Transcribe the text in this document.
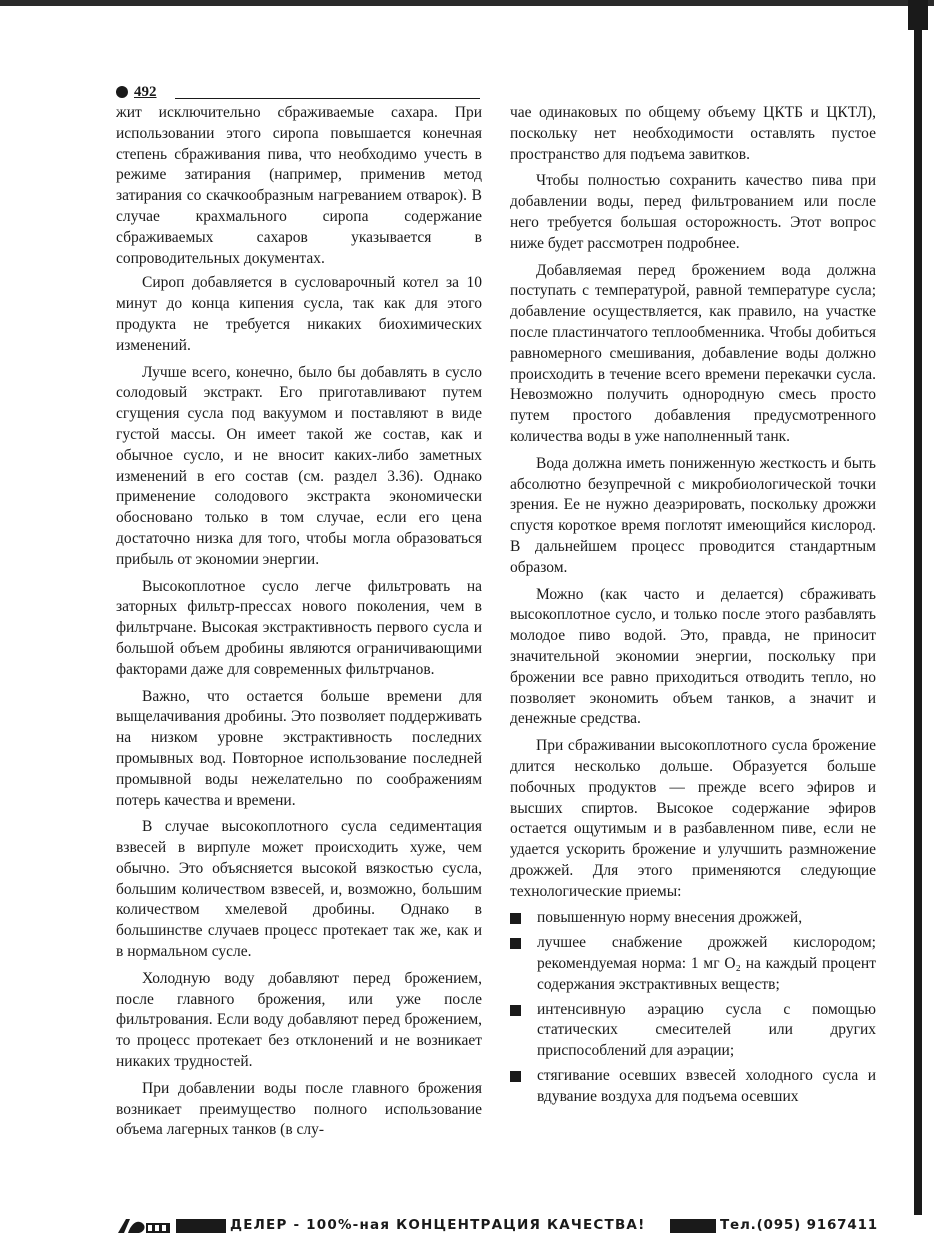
492

жит исключительно сбраживаемые сахара. При использовании этого сиропа повышается конечная степень сбраживания пива, что необходимо учесть в режиме затирания (например, применив метод затирания со скачкообразным нагреванием отварок). В случае крахмального сиропа содержание сбраживаемых сахаров указывается в сопроводительных документах.

Сироп добавляется в сусловарочный котел за 10 минут до конца кипения сусла, так как для этого продукта не требуется никаких биохимических изменений.

Лучше всего, конечно, было бы добавлять в сусло солодовый экстракт. Его приготавливают путем сгущения сусла под вакуумом и поставляют в виде густой массы. Он имеет такой же состав, как и обычное сусло, и не вносит каких-либо заметных изменений в его состав (см. раздел 3.36). Однако применение солодового экстракта экономически обосновано только в том случае, если его цена достаточно низка для того, чтобы могла образоваться прибыль от экономии энергии.

Высокоплотное сусло легче фильтровать на заторных фильтр-прессах нового поколения, чем в фильтрчане. Высокая экстрактивность первого сусла и большой объем дробины являются ограничивающими факторами даже для современных фильтрчанов.

Важно, что остается больше времени для выщелачивания дробины. Это позволяет поддерживать на низком уровне экстрактивность последних промывных вод. Повторное использование последней промывной воды нежелательно по соображениям потерь качества и времени.

В случае высокоплотного сусла седиментация взвесей в вирпуле может происходить хуже, чем обычно. Это объясняется высокой вязкостью сусла, большим количеством взвесей, и, возможно, большим количеством хмелевой дробины. Однако в большинстве случаев процесс протекает так же, как и в нормальном сусле.

Холодную воду добавляют перед брожением, после главного брожения, или уже после фильтрования. Если воду добавляют перед брожением, то процесс протекает без отклонений и не возникает никаких трудностей.

При добавлении воды после главного брожения возникает преимущество полного использование объема лагерных танков (в слу-

чае одинаковых по общему объему ЦКТБ и ЦКТЛ), поскольку нет необходимости оставлять пустое пространство для подъема завитков.

Чтобы полностью сохранить качество пива при добавлении воды, перед фильтрованием или после него требуется большая осторожность. Этот вопрос ниже будет рассмотрен подробнее.

Добавляемая перед брожением вода должна поступать с температурой, равной температуре сусла; добавление осуществляется, как правило, на участке после пластинчатого теплообменника. Чтобы добиться равномерного смешивания, добавление воды должно происходить в течение всего времени перекачки сусла. Невозможно получить однородную смесь просто путем простого добавления предусмотренного количества воды в уже наполненный танк.

Вода должна иметь пониженную жесткость и быть абсолютно безупречной с микробиологической точки зрения. Ее не нужно деаэрировать, поскольку дрожжи спустя короткое время поглотят имеющийся кислород. В дальнейшем процесс проводится стандартным образом.

Можно (как часто и делается) сбраживать высокоплотное сусло, и только после этого разбавлять молодое пиво водой. Это, правда, не приносит значительной экономии энергии, поскольку при брожении все равно приходиться отводить тепло, но позволяет экономить объем танков, а значит и денежные средства.

При сбраживании высокоплотного сусла брожение длится несколько дольше. Образуется больше побочных продуктов — прежде всего эфиров и высших спиртов. Высокое содержание эфиров остается ощутимым и в разбавленном пиве, если не удается ускорить брожение и улучшить размножение дрожжей. Для этого применяются следующие технологические приемы:

повышенную норму внесения дрожжей,
лучшее снабжение дрожжей кислородом; рекомендуемая норма: 1 мг O₂ на каждый процент содержания экстрактивных веществ;
интенсивную аэрацию сусла с помощью статических смесителей или других приспособлений для аэрации;
стягивание осевших взвесей холодного сусла и вдувание воздуха для подъема осевших
ДЕЛЕР - 100%-ная КОНЦЕНТРАЦИЯ КАЧЕСТВА!	Тел.(095) 9167411
